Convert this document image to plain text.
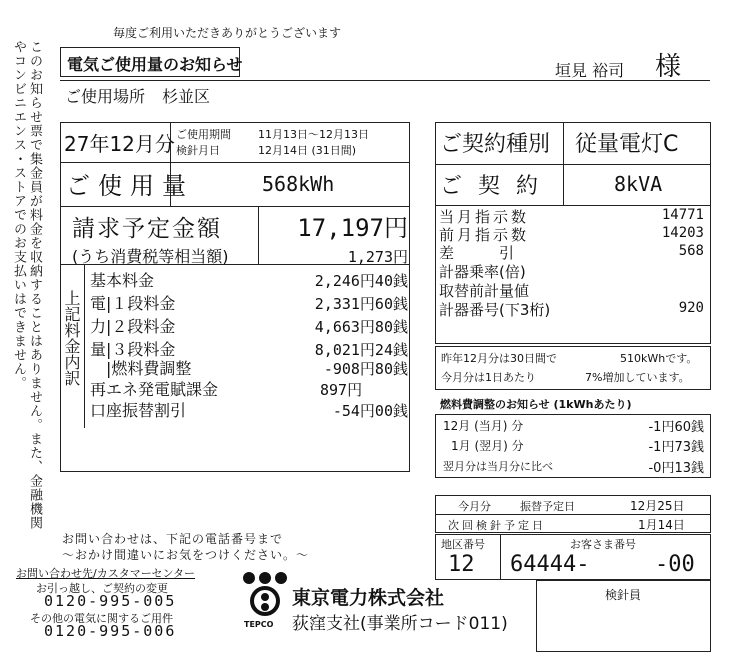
毎度ご利用いただきありがとうございます
このお知らせ票で集金員が料金を収納することはありません。また、金融機関やコンビニエンス・ストアでのお支払いはできません。	電気ご使用量のお知らせ	垣見 裕司 様
ご使用場所 杉並区
27年12月分 ご使用期間 11月13日～12月13日
検針月日	12月14日 (31日間)
ご使用量	568kWh
請求予定金額	17,197円
(うち消費税等相当額)	1,273円
上記料金内訳
基本料金	2,246円40銭
電|１段料金	2,331円60銭
力|２段料金	4,663円80銭
量|３段料金	8,021円24銭
|燃料費調整	-908円80銭
再エネ発電賦課金	897円
口座振替割引	-54円00銭
ご契約種別 従量電灯C
ご契約	8kVA
当月指示数	14771
前月指示数	14203
差　　　引	568
計器乗率(倍)
取替前計量値
計器番号(下3桁)	920
昨年12月分は30日間で	510kWhです。
今月分は1日あたり	7%増加しています。
燃料費調整のお知らせ (1kWhあたり)
12月 (当月) 分	-1円60銭
1月 (翌月) 分	-1円73銭
翌月分は当月分に比べ	-0円13銭
今月分	振替予定日	12月25日
次回検針予定日	1月14日
地区番号
12
お客さま番号
64444-	-00
検針員
お問い合わせは、下記の電話番号まで
～おかけ間違いにお気をつけください。～
お問い合わせ先/カスタマーセンター
お引っ越し、ご契約の変更
0120-995-005
その他の電気に関するご用件
0120-995-006	TEPCO
東京電力株式会社
荻窪支社(事業所コード011)
